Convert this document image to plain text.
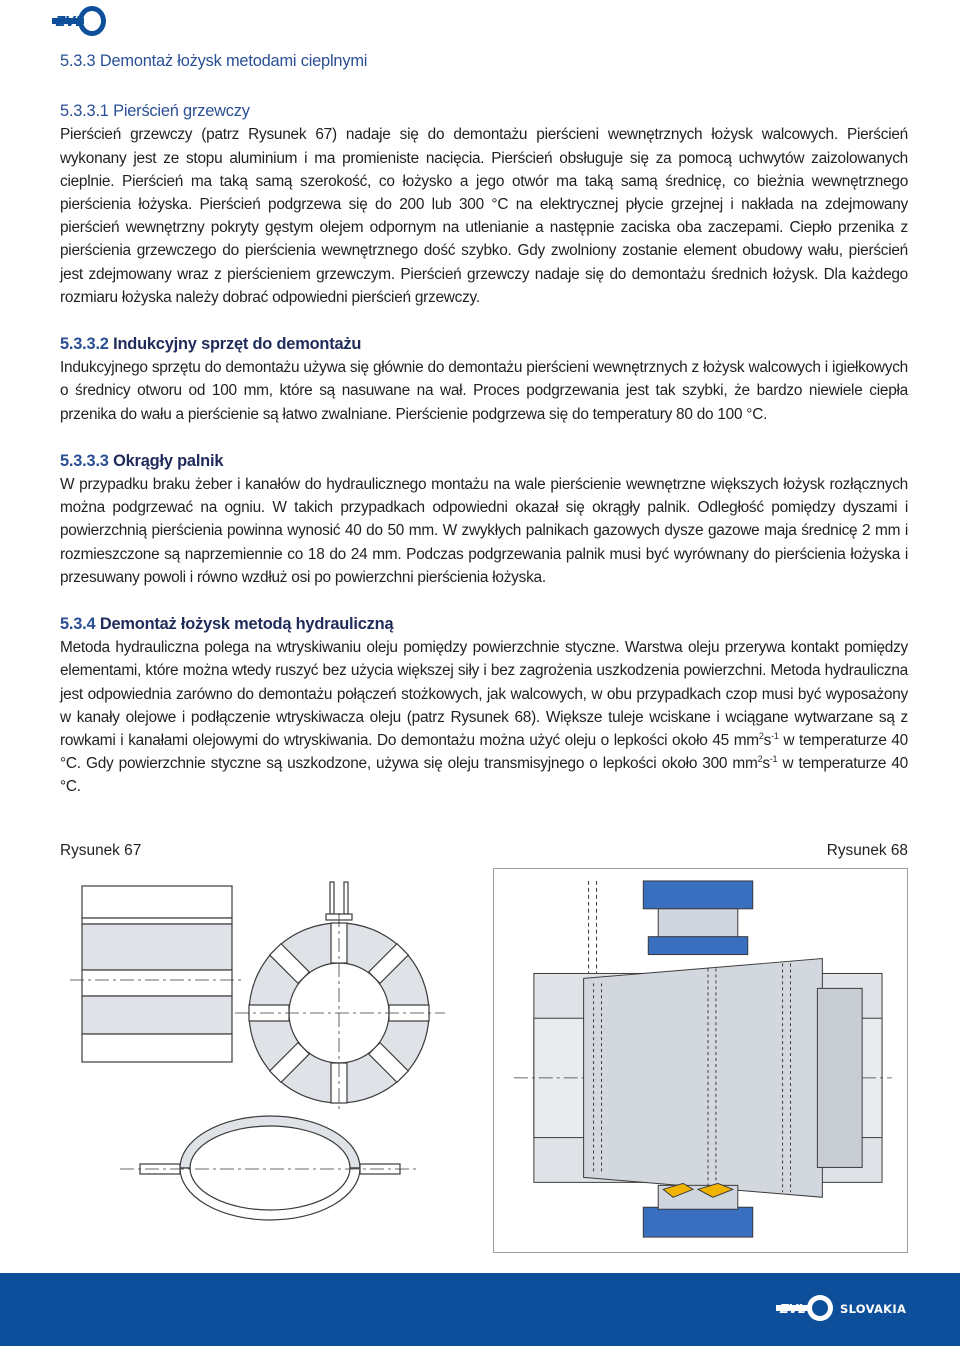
ZVL
5.3.3 Demontaż łożysk metodami cieplnymi
5.3.3.1 Pierścień grzewczy

Pierścień grzewczy (patrz Rysunek 67) nadaje się do demontażu pierścieni wewnętrznych łożysk walcowych. Pierścień wykonany jest ze stopu aluminium i ma promieniste nacięcia. Pierścień obsługuje się za pomocą uchwytów zaizolowanych cieplnie. Pierścień ma taką samą szerokość, co łożysko a jego otwór ma taką samą średnicę, co bieżnia wewnętrznego pierścienia łożyska. Pierścień podgrzewa się do 200 lub 300 °C na elektrycznej płycie grzejnej i nakłada na zdejmowany pierścień wewnętrzny pokryty gęstym olejem odpornym na utlenianie a następnie zaciska oba zaczepami. Ciepło przenika z pierścienia grzewczego do pierścienia wewnętrznego dość szybko. Gdy zwolniony zostanie element obudowy wału, pierścień jest zdejmowany wraz z pierścieniem grzewczym. Pierścień grzewczy nadaje się do demontażu średnich łożysk. Dla każdego rozmiaru łożyska należy dobrać odpowiedni pierścień grzewczy.

5.3.3.2 Indukcyjny sprzęt do demontażu

Indukcyjnego sprzętu do demontażu używa się głównie do demontażu pierścieni wewnętrznych z łożysk walcowych i igiełkowych o średnicy otworu od 100 mm, które są nasuwane na wał. Proces podgrzewania jest tak szybki, że bardzo niewiele ciepła przenika do wału a pierścienie są łatwo zwalniane. Pierścienie podgrzewa się do temperatury 80 do 100 °C.

5.3.3.3 Okrągły palnik

W przypadku braku żeber i kanałów do hydraulicznego montażu na wale pierścienie wewnętrzne większych łożysk rozłącznych można podgrzewać na ogniu. W takich przypadkach odpowiedni okazał się okrągły palnik. Odległość pomiędzy dyszami i powierzchnią pierścienia powinna wynosić 40 do 50 mm. W zwykłych palnikach gazowych dysze gazowe maja średnicę 2 mm i rozmieszczone są naprzemiennie co 18 do 24 mm. Podczas podgrzewania palnik musi być wyrównany do pierścienia łożyska i przesuwany powoli i równo wzdłuż osi po powierzchni pierścienia łożyska.

5.3.4 Demontaż łożysk metodą hydrauliczną

Metoda hydrauliczna polega na wtryskiwaniu oleju pomiędzy powierzchnie styczne. Warstwa oleju przerywa kontakt pomiędzy elementami, które można wtedy ruszyć bez użycia większej siły i bez zagrożenia uszkodzenia powierzchni. Metoda hydrauliczna jest odpowiednia zarówno do demontażu połączeń stożkowych, jak walcowych, w obu przypadkach czop musi być wyposażony w kanały olejowe i podłączenie wtryskiwacza oleju (patrz Rysunek 68). Większe tuleje wciskane i wciągane wytwarzane są z rowkami i kanałami olejowymi do wtryskiwania. Do demontażu można użyć oleju o lepkości około 45 $mm^2s^{-1}$ w temperaturze 40 °C. Gdy powierzchnie styczne są uszkodzone, używa się oleju transmisyjnego o lepkości około 300 $mm^2s^{-1}$ w temperaturze 40 °C.

Rysunek 67	Rysunek 68
ZVL	SLOVAKIA
